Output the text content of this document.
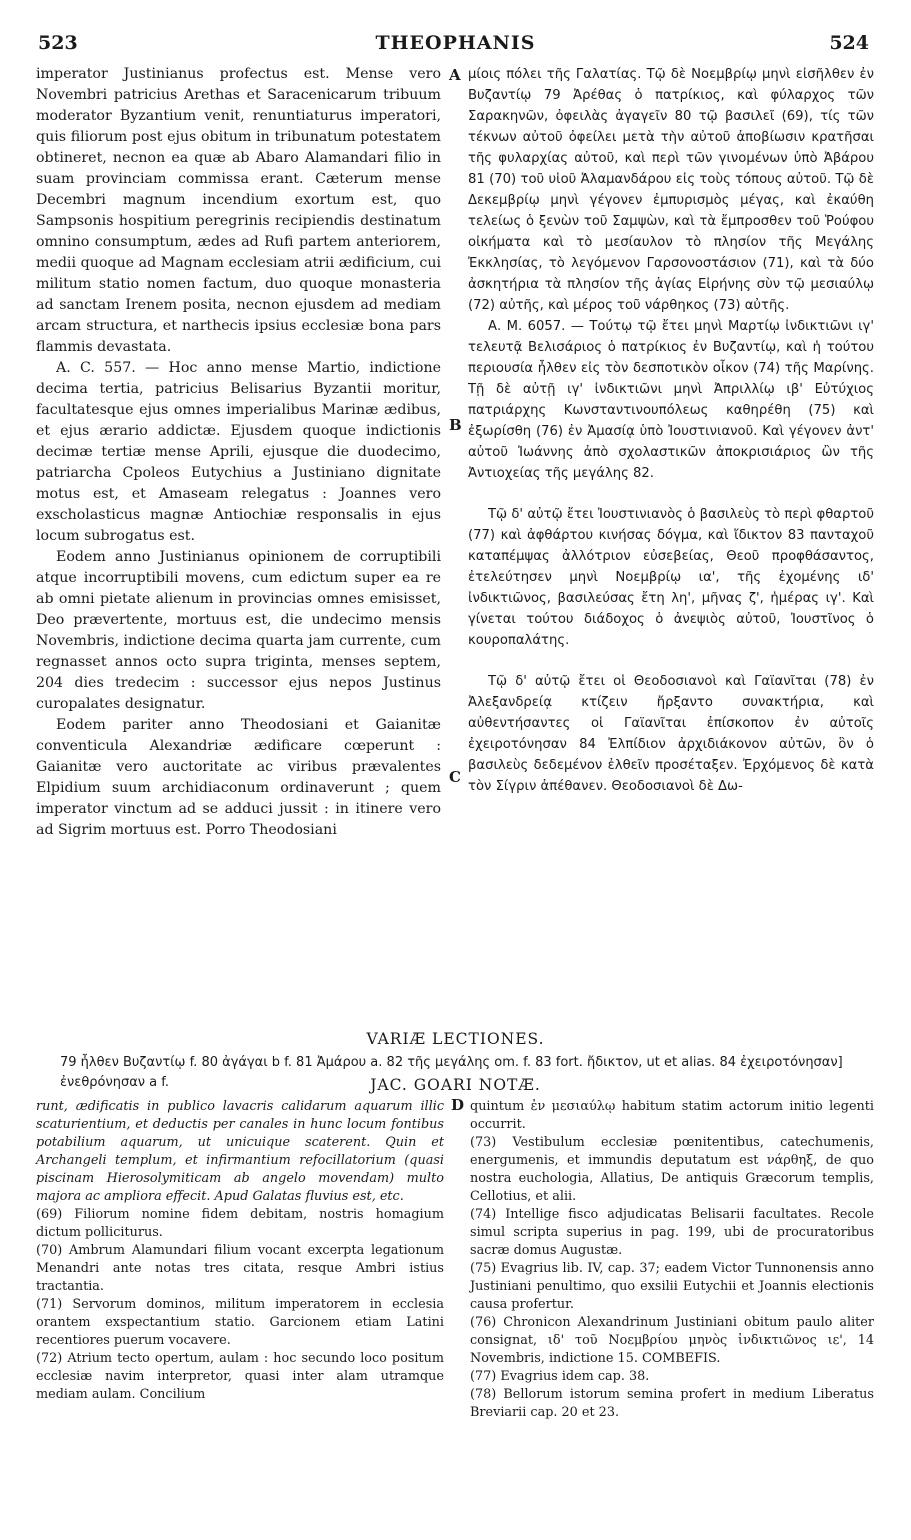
523	THEOPHANIS	524
A
B
C
D

imperator Justinianus profectus est. Mense vero Novembri patricius Arethas et Saracenicarum tribuum moderator Byzantium venit, renuntiaturus imperatori, quis filiorum post ejus obitum in tribunatum potestatem obtineret, necnon ea quæ ab Abaro Alamandari filio in suam provinciam commissa erant. Cæterum mense Decembri magnum incendium exortum est, quo Sampsonis hospitium peregrinis recipiendis destinatum omnino consumptum, ædes ad Rufi partem anteriorem, medii quoque ad Magnam ecclesiam atrii ædificium, cui militum statio nomen factum, duo quoque monasteria ad sanctam Irenem posita, necnon ejusdem ad mediam arcam structura, et narthecis ipsius ecclesiæ bona pars flammis devastata.

A. C. 557. — Hoc anno mense Martio, indictione decima tertia, patricius Belisarius Byzantii moritur, facultatesque ejus omnes imperialibus Marinæ ædibus, et ejus ærario addictæ. Ejusdem quoque indictionis decimæ tertiæ mense Aprili, ejusque die duodecimo, patriarcha Cpoleos Eutychius a Justiniano dignitate motus est, et Amaseam relegatus : Joannes vero exscholasticus magnæ Antiochiæ responsalis in ejus locum subrogatus est.

Eodem anno Justinianus opinionem de corruptibili atque incorruptibili movens, cum edictum super ea re ab omni pietate alienum in provincias omnes emisisset, Deo prævertente, mortuus est, die undecimo mensis Novembris, indictione decima quarta jam currente, cum regnasset annos octo supra triginta, menses septem, 204 dies tredecim : successor ejus nepos Justinus curopalates designatur.

Eodem pariter anno Theodosiani et Gaianitæ conventicula Alexandriæ ædificare cœperunt : Gaianitæ vero auctoritate ac viribus prævalentes Elpidium suum archidiaconum ordinaverunt ; quem imperator vinctum ad se adduci jussit : in itinere vero ad Sigrim mortuus est. Porro Theodosiani

μίοις πόλει τῆς Γαλατίας. Τῷ δὲ Νοεμβρίῳ μηνὶ εἰσῆλθεν ἐν Βυζαντίῳ 79 Ἀρέθας ὁ πατρίκιος, καὶ φύλαρχος τῶν Σαρακηνῶν, ὀφειλὰς ἀγαγεῖν 80 τῷ βασιλεῖ (69), τίς τῶν τέκνων αὐτοῦ ὀφείλει μετὰ τὴν αὐτοῦ ἀποβίωσιν κρατῆσαι τῆς φυλαρχίας αὐτοῦ, καὶ περὶ τῶν γινομένων ὑπὸ Ἀβάρου 81 (70) τοῦ υἱοῦ Ἀλαμανδάρου εἰς τοὺς τόπους αὐτοῦ. Τῷ δὲ Δεκεμβρίῳ μηνὶ γέγονεν ἐμπυρισμὸς μέγας, καὶ ἐκαύθη τελείως ὁ ξενὼν τοῦ Σαμψὼν, καὶ τὰ ἔμπροσθεν τοῦ Ῥούφου οἰκήματα καὶ τὸ μεσίαυλον τὸ πλησίον τῆς Μεγάλης Ἐκκλησίας, τὸ λεγόμενον Γαρσονοστάσιον (71), καὶ τὰ δύο ἀσκητήρια τὰ πλησίον τῆς ἁγίας Εἰρήνης σὺν τῷ μεσιαύλῳ (72) αὐτῆς, καὶ μέρος τοῦ νάρθηκος (73) αὐτῆς.

Α. Μ. 6057. — Τούτῳ τῷ ἔτει μηνὶ Μαρτίῳ ἰνδικτιῶνι ιγ' τελευτᾷ Βελισάριος ὁ πατρίκιος ἐν Βυζαντίῳ, καὶ ἡ τούτου περιουσία ἦλθεν εἰς τὸν δεσποτικὸν οἶκον (74) τῆς Μαρίνης. Τῇ δὲ αὐτῇ ιγ' ἰνδικτιῶνι μηνὶ Ἀπριλλίῳ ιβ' Εὐτύχιος πατριάρχης Κωνσταντινουπόλεως καθηρέθη (75) καὶ ἐξωρίσθη (76) ἐν Ἀμασίᾳ ὑπὸ Ἰουστινιανοῦ. Καὶ γέγονεν ἀντ' αὐτοῦ Ἰωάννης ἀπὸ σχολαστικῶν ἀποκρισιάριος ὢν τῆς Ἀντιοχείας τῆς μεγάλης 82.

Τῷ δ' αὐτῷ ἔτει Ἰουστινιανὸς ὁ βασιλεὺς τὸ περὶ φθαρτοῦ (77) καὶ ἀφθάρτου κινήσας δόγμα, καὶ ἴδικτον 83 πανταχοῦ καταπέμψας ἀλλότριον εὐσεβείας, Θεοῦ προφθάσαντος, ἐτελεύτησεν μηνὶ Νοεμβρίῳ ια', τῆς ἐχομένης ιδ' ἰνδικτιῶνος, βασιλεύσας ἔτη λη', μῆνας ζ', ἡμέρας ιγ'. Καὶ γίνεται τούτου διάδοχος ὁ ἀνεψιὸς αὐτοῦ, Ἰουστῖνος ὁ κουροπαλάτης.

Τῷ δ' αὐτῷ ἔτει οἱ Θεοδοσιανοὶ καὶ Γαϊανῖται (78) ἐν Ἀλεξανδρείᾳ κτίζειν ἤρξαντο συνακτήρια, καὶ αὐθεντήσαντες οἱ Γαϊανῖται ἐπίσκοπον ἐν αὐτοῖς ἐχειροτόνησαν 84 Ἐλπίδιον ἀρχιδιάκονον αὐτῶν, ὃν ὁ βασιλεὺς δεδεμένον ἐλθεῖν προσέταξεν. Ἐρχόμενος δὲ κατὰ τὸν Σίγριν ἀπέθανεν. Θεοδοσιανοὶ δὲ Δω-

VARIÆ LECTIONES.
79 ἦλθεν Βυζαντίῳ f. 80 ἀγάγαι b f. 81 Ἀμάρου a. 82 τῆς μεγάλης om. f. 83 fort. ἤδικτον, ut et alias. 84 ἐχειροτόνησαν] ἐνεθρόνησαν a f.	JAC. GOARI NOTÆ.

runt, ædificatis in publico lavacris calidarum aquarum illic scaturientium, et deductis per canales in hunc locum fontibus potabilium aquarum, ut unicuique scaterent. Quin et Archangeli templum, et infirmantium refocillatorium (quasi piscinam Hierosolymiticam ab angelo movendam) multo majora ac ampliora effecit. Apud Galatas fluvius est, etc.

(69) Filiorum nomine fidem debitam, nostris homagium dictum polliciturus.

(70) Ambrum Alamundari filium vocant excerpta legationum Menandri ante notas tres citata, resque Ambri istius tractantia.

(71) Servorum dominos, militum imperatorem in ecclesia orantem exspectantium statio. Garcionem etiam Latini recentiores puerum vocavere.

(72) Atrium tecto opertum, aulam : hoc secundo loco positum ecclesiæ navim interpretor, quasi inter alam utramque mediam aulam. Concilium

quintum ἐν μεσιαύλῳ habitum statim actorum initio legenti occurrit.

(73) Vestibulum ecclesiæ pœnitentibus, catechumenis, energumenis, et immundis deputatum est νάρθηξ, de quo nostra euchologia, Allatius, De antiquis Græcorum templis, Cellotius, et alii.

(74) Intellige fisco adjudicatas Belisarii facultates. Recole simul scripta superius in pag. 199, ubi de procuratoribus sacræ domus Augustæ.

(75) Evagrius lib. IV, cap. 37; eadem Victor Tunnonensis anno Justiniani penultimo, quo exsilii Eutychii et Joannis electionis causa profertur.

(76) Chronicon Alexandrinum Justiniani obitum paulo aliter consignat, ιδ' τοῦ Νοεμβρίου μηνὸς ἰνδικτιῶνος ιε', 14 Novembris, indictione 15. COMBEFIS.

(77) Evagrius idem cap. 38.

(78) Bellorum istorum semina profert in medium Liberatus Breviarii cap. 20 et 23.
